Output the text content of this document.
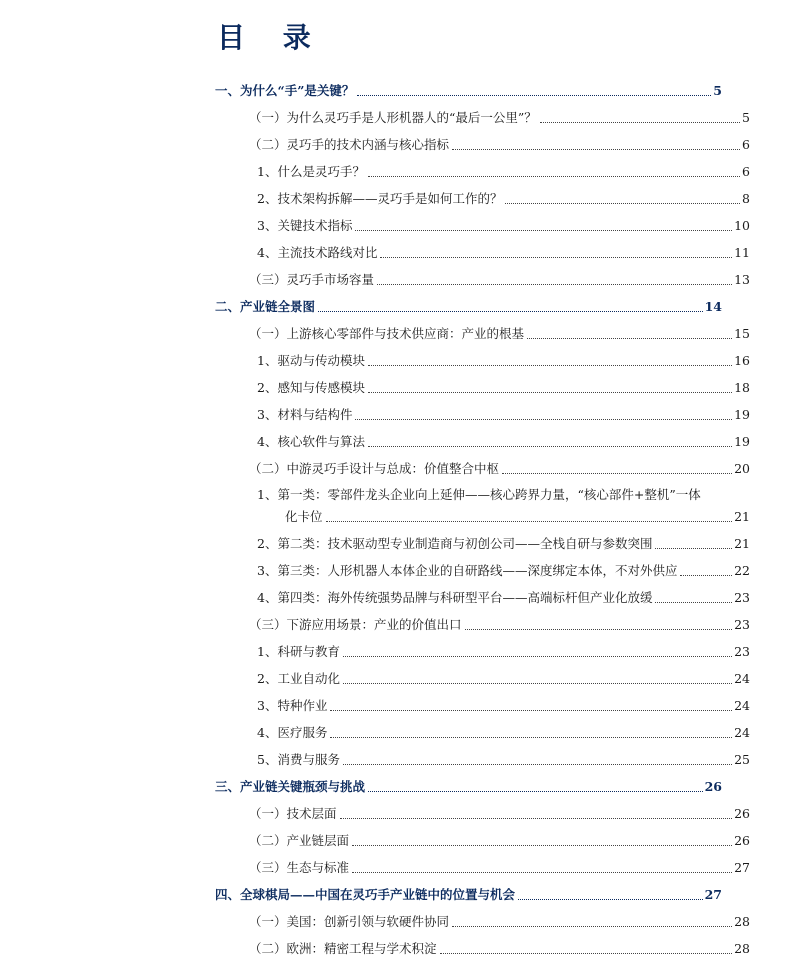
目 录
一、为什么“手”是关键？	5
（一）为什么灵巧手是人形机器人的“最后一公里”？	5
（二）灵巧手的技术内涵与核心指标	6
1、什么是灵巧手？	6
2、技术架构拆解——灵巧手是如何工作的？	8
3、关键技术指标	10
4、主流技术路线对比	11
（三）灵巧手市场容量	13
二、产业链全景图	14
（一）上游核心零部件与技术供应商：产业的根基	15
1、驱动与传动模块	16
2、感知与传感模块	18
3、材料与结构件	19
4、核心软件与算法	19
（二）中游灵巧手设计与总成：价值整合中枢	20
1、第一类：零部件龙头企业向上延伸——核心跨界力量，“核心部件+整机”一体
化卡位	21
2、第二类：技术驱动型专业制造商与初创公司——全栈自研与参数突围	21
3、第三类：人形机器人本体企业的自研路线——深度绑定本体，不对外供应	22
4、第四类：海外传统强势品牌与科研型平台——高端标杆但产业化放缓	23
（三）下游应用场景：产业的价值出口	23
1、科研与教育	23
2、工业自动化	24
3、特种作业	24
4、医疗服务	24
5、消费与服务	25
三、产业链关键瓶颈与挑战	26
（一）技术层面	26
（二）产业链层面	26
（三）生态与标准	27
四、全球棋局——中国在灵巧手产业链中的位置与机会	27
（一）美国：创新引领与软硬件协同	28
（二）欧洲：精密工程与学术积淀	28
